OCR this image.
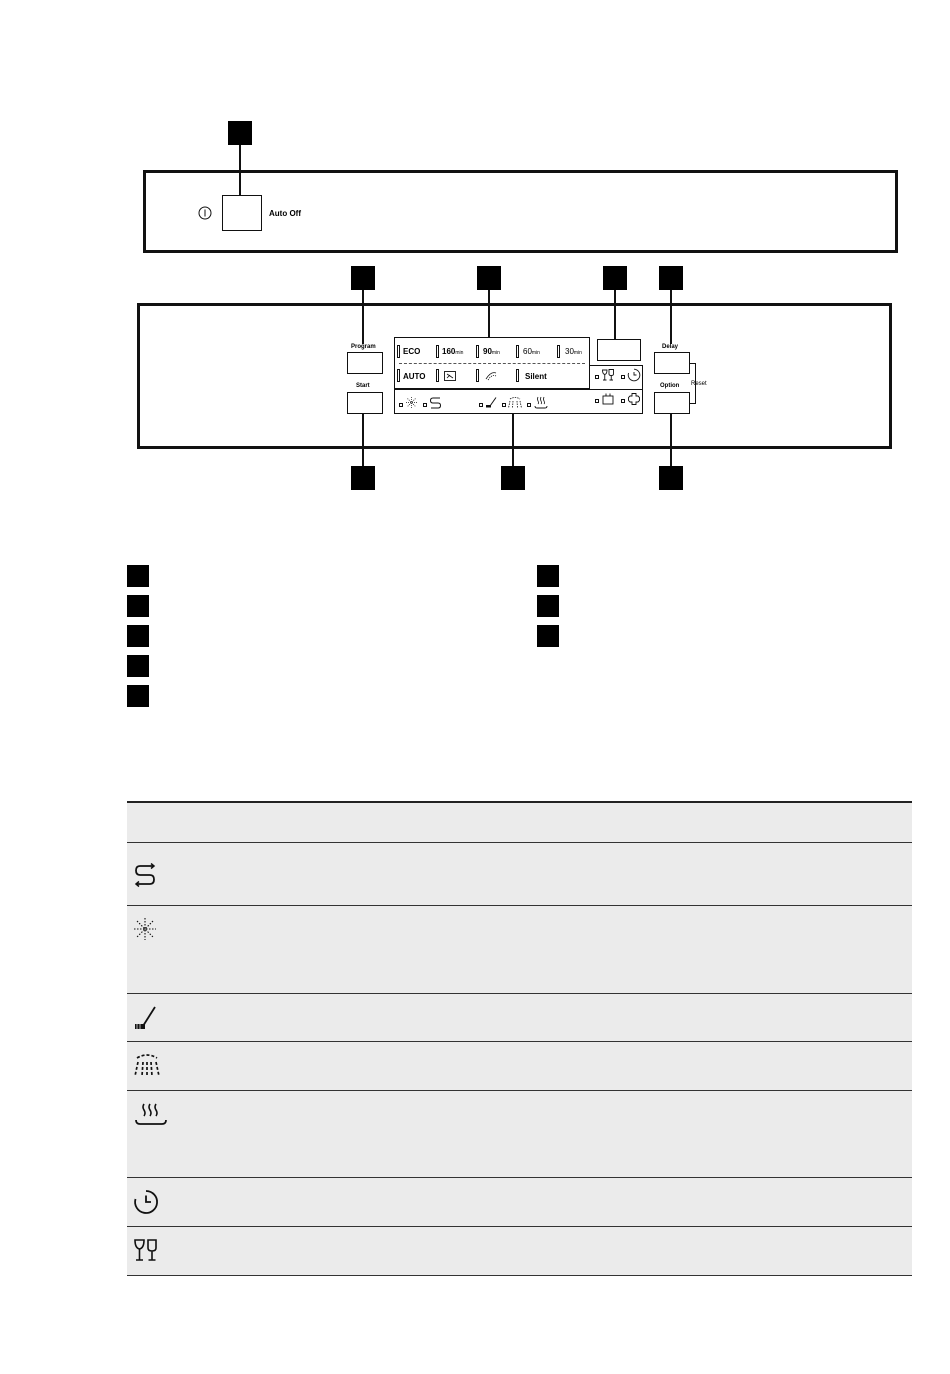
Auto Off
Program
Start
ECO	160min 90min	60min	30min
AUTO	Silent
Delay
Option Reset
